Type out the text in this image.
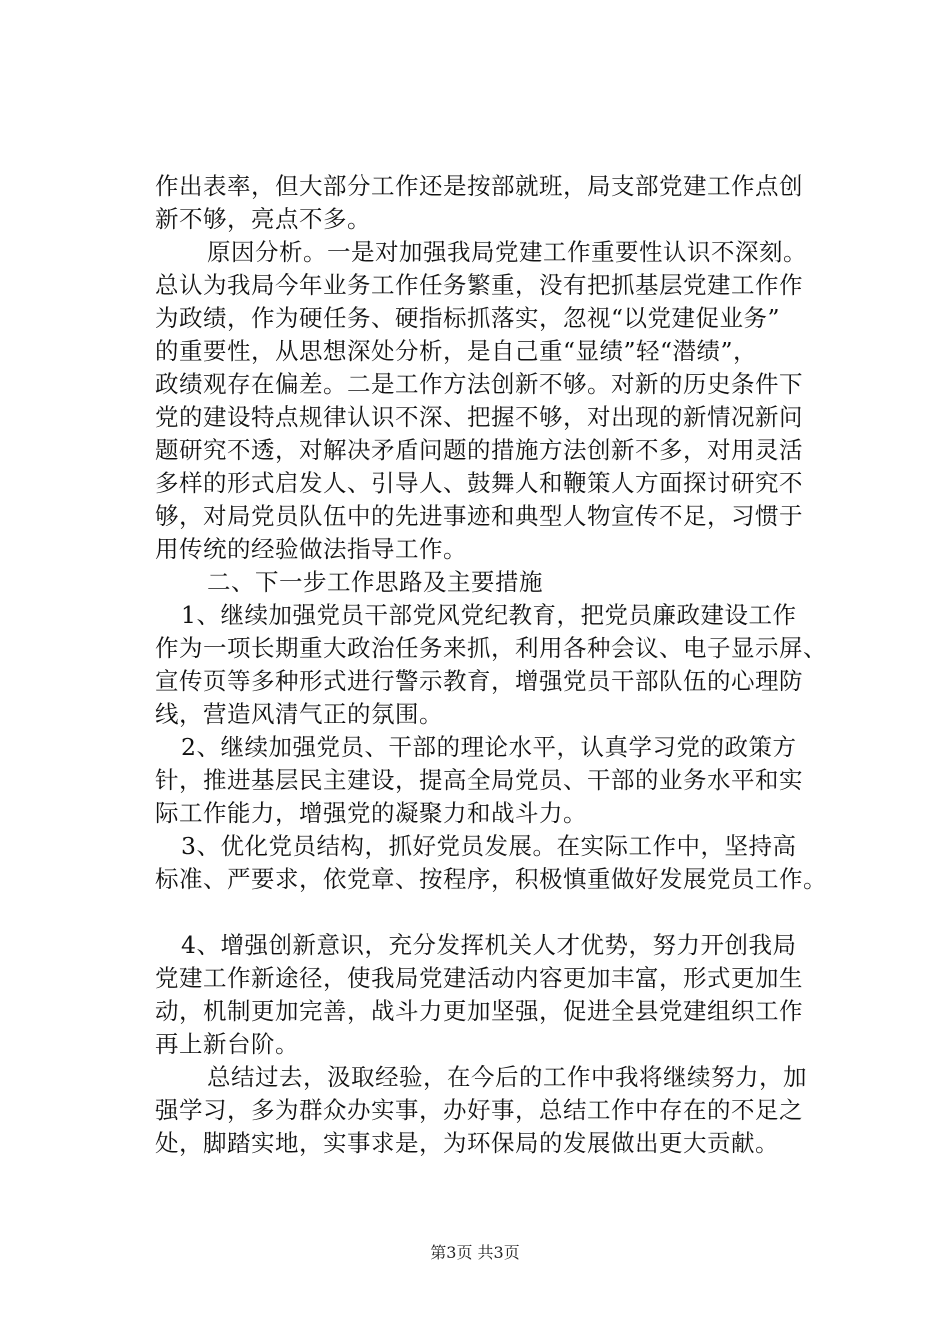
作出表率，但大部分工作还是按部就班，局支部党建工作点创
新不够，亮点不多。
原因分析。一是对加强我局党建工作重要性认识不深刻。
总认为我局今年业务工作任务繁重，没有把抓基层党建工作作
为政绩，作为硬任务、硬指标抓落实，忽视“以党建促业务”
的重要性，从思想深处分析，是自己重“显绩”轻“潜绩”，
政绩观存在偏差。二是工作方法创新不够。对新的历史条件下
党的建设特点规律认识不深、把握不够，对出现的新情况新问
题研究不透，对解决矛盾问题的措施方法创新不多，对用灵活
多样的形式启发人、引导人、鼓舞人和鞭策人方面探讨研究不
够，对局党员队伍中的先进事迹和典型人物宣传不足，习惯于
用传统的经验做法指导工作。
二、下一步工作思路及主要措施
1、继续加强党员干部党风党纪教育，把党员廉政建设工作
作为一项长期重大政治任务来抓，利用各种会议、电子显示屏、
宣传页等多种形式进行警示教育，增强党员干部队伍的心理防
线，营造风清气正的氛围。
2、继续加强党员、干部的理论水平，认真学习党的政策方
针，推进基层民主建设，提高全局党员、干部的业务水平和实
际工作能力，增强党的凝聚力和战斗力。
3、优化党员结构，抓好党员发展。在实际工作中，坚持高
标准、严要求，依党章、按程序，积极慎重做好发展党员工作。
4、增强创新意识，充分发挥机关人才优势，努力开创我局
党建工作新途径，使我局党建活动内容更加丰富，形式更加生
动，机制更加完善，战斗力更加坚强，促进全县党建组织工作
再上新台阶。
总结过去，汲取经验，在今后的工作中我将继续努力，加
强学习，多为群众办实事，办好事，总结工作中存在的不足之
处，脚踏实地，实事求是，为环保局的发展做出更大贡献。
第3页 共3页
